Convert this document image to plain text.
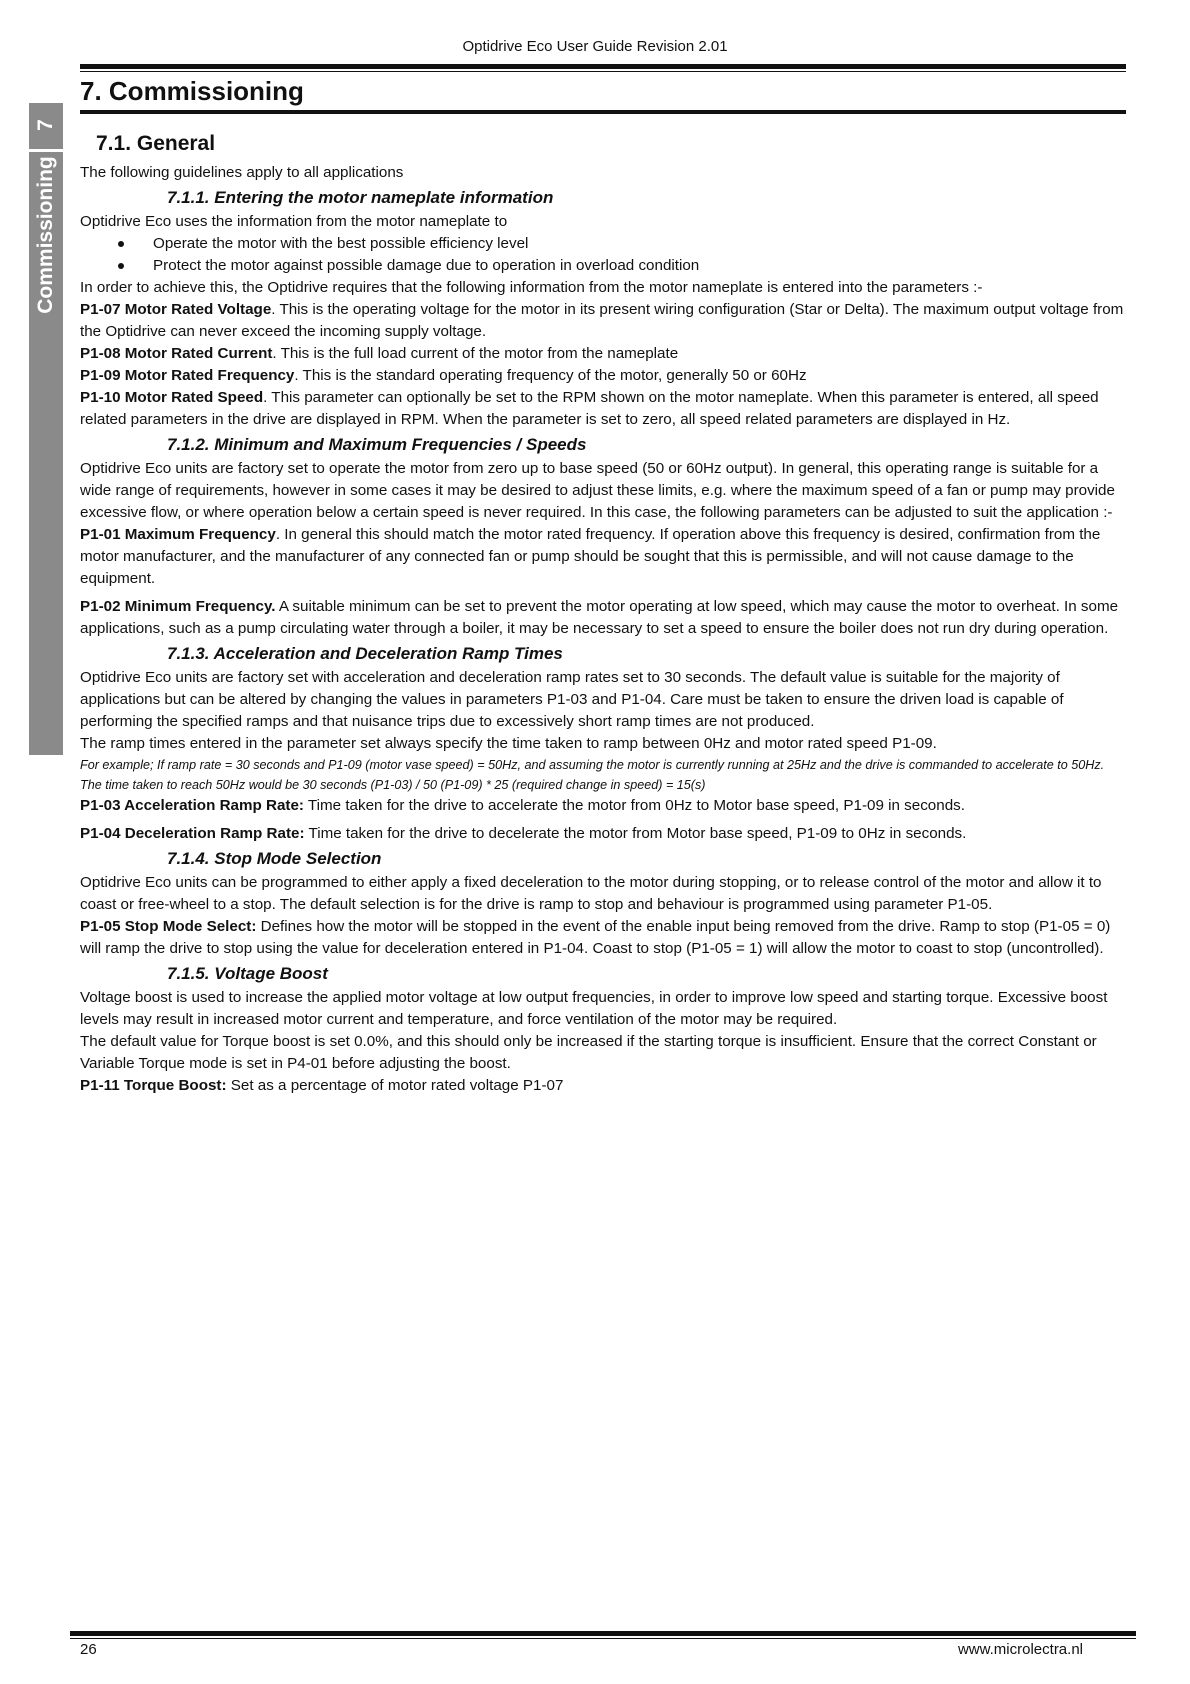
Optidrive Eco User Guide Revision 2.01
7. Commissioning
7
Commissioning
7.1. General

The following guidelines apply to all applications

7.1.1. Entering the motor nameplate information

Optidrive Eco uses the information from the motor nameplate to

Operate the motor with the best possible efficiency level
Protect the motor against possible damage due to operation in overload condition

In order to achieve this, the Optidrive requires that the following information from the motor nameplate is entered into the parameters :-

P1-07 Motor Rated Voltage. This is the operating voltage for the motor in its present wiring configuration (Star or Delta). The maximum output voltage from the Optidrive can never exceed the incoming supply voltage.

P1-08 Motor Rated Current. This is the full load current of the motor from the nameplate

P1-09 Motor Rated Frequency. This is the standard operating frequency of the motor, generally 50 or 60Hz

P1-10 Motor Rated Speed. This parameter can optionally be set to the RPM shown on the motor nameplate. When this parameter is entered, all speed related parameters in the drive are displayed in RPM. When the parameter is set to zero, all speed related parameters are displayed in Hz.

7.1.2. Minimum and Maximum Frequencies / Speeds

Optidrive Eco units are factory set to operate the motor from zero up to base speed (50 or 60Hz output). In general, this operating range is suitable for a wide range of requirements, however in some cases it may be desired to adjust these limits, e.g. where the maximum speed of a fan or pump may provide excessive flow, or where operation below a certain speed is never required. In this case, the following parameters can be adjusted to suit the application :-

P1-01 Maximum Frequency. In general this should match the motor rated frequency. If operation above this frequency is desired, confirmation from the motor manufacturer, and the manufacturer of any connected fan or pump should be sought that this is permissible, and will not cause damage to the equipment.

P1-02 Minimum Frequency. A suitable minimum can be set to prevent the motor operating at low speed, which may cause the motor to overheat. In some applications, such as a pump circulating water through a boiler, it may be necessary to set a speed to ensure the boiler does not run dry during operation.

7.1.3. Acceleration and Deceleration Ramp Times

Optidrive Eco units are factory set with acceleration and deceleration ramp rates set to 30 seconds. The default value is suitable for the majority of applications but can be altered by changing the values in parameters P1-03 and P1-04. Care must be taken to ensure the driven load is capable of performing the specified ramps and that nuisance trips due to excessively short ramp times are not produced.

The ramp times entered in the parameter set always specify the time taken to ramp between 0Hz and motor rated speed P1-09.

For example; If ramp rate = 30 seconds and P1-09 (motor vase speed) = 50Hz, and assuming the motor is currently running at 25Hz and the drive is commanded to accelerate to 50Hz. The time taken to reach 50Hz would be 30 seconds (P1-03) / 50 (P1-09) * 25 (required change in speed) = 15(s)

P1-03 Acceleration Ramp Rate: Time taken for the drive to accelerate the motor from 0Hz to Motor base speed, P1-09 in seconds.

P1-04 Deceleration Ramp Rate: Time taken for the drive to decelerate the motor from Motor base speed, P1-09 to 0Hz in seconds.

7.1.4. Stop Mode Selection

Optidrive Eco units can be programmed to either apply a fixed deceleration to the motor during stopping, or to release control of the motor and allow it to coast or free-wheel to a stop. The default selection is for the drive is ramp to stop and behaviour is programmed using parameter P1-05.

P1-05 Stop Mode Select: Defines how the motor will be stopped in the event of the enable input being removed from the drive. Ramp to stop (P1-05 = 0) will ramp the drive to stop using the value for deceleration entered in P1-04. Coast to stop (P1-05 = 1) will allow the motor to coast to stop (uncontrolled).

7.1.5. Voltage Boost

Voltage boost is used to increase the applied motor voltage at low output frequencies, in order to improve low speed and starting torque. Excessive boost levels may result in increased motor current and temperature, and force ventilation of the motor may be required.

The default value for Torque boost is set 0.0%, and this should only be increased if the starting torque is insufficient. Ensure that the correct Constant or Variable Torque mode is set in P4-01 before adjusting the boost.

P1-11 Torque Boost: Set as a percentage of motor rated voltage P1-07

26	www.microlectra.nl
